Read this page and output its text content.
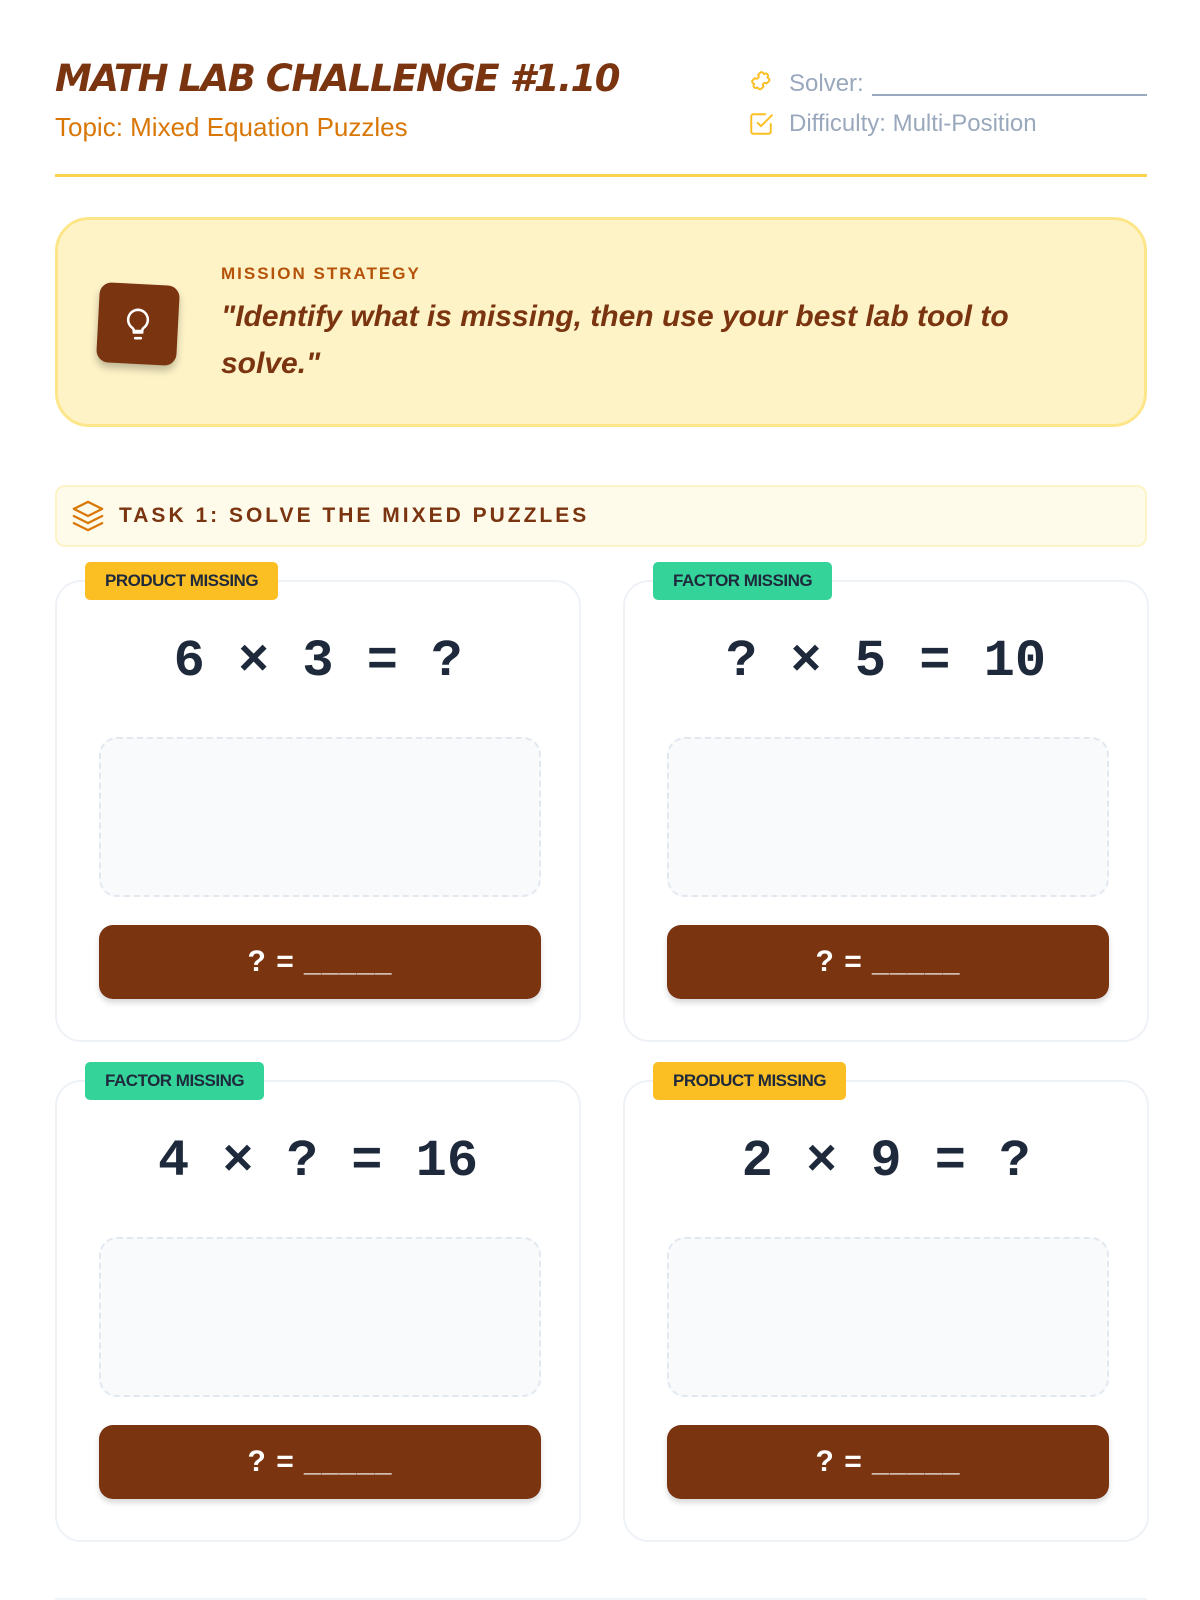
MATH LAB CHALLENGE #1.10
Topic: Mixed Equation Puzzles
Solver:
Difficulty: Multi-Position
MISSION STRATEGY
"Identify what is missing, then use your best lab tool to solve."
TASK 1: SOLVE THE MIXED PUZZLES
PRODUCT MISSING
6 × 3 = ?
? = _____
FACTOR MISSING
? × 5 = 10
? = _____
FACTOR MISSING
4 × ? = 16
? = _____
PRODUCT MISSING
2 × 9 = ?
? = _____
